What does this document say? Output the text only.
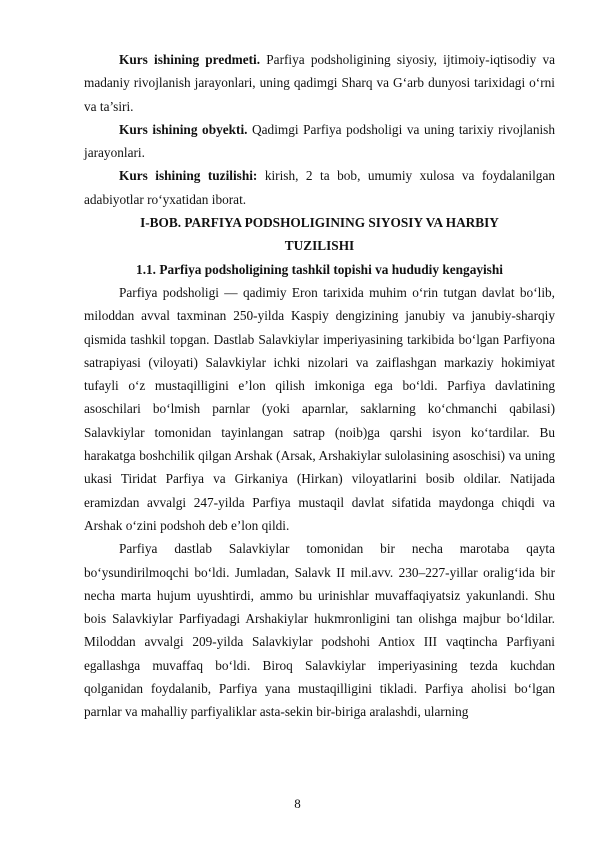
Kurs ishining predmeti. Parfiya podsholigining siyosiy, ijtimoiy-iqtisodiy va madaniy rivojlanish jarayonlari, uning qadimgi Sharq va G‘arb dunyosi tarixidagi o‘rni va ta’siri.

Kurs ishining obyekti. Qadimgi Parfiya podsholigi va uning tarixiy rivojlanish jarayonlari.

Kurs ishining tuzilishi: kirish, 2 ta bob, umumiy xulosa va foydalanilgan adabiyotlar ro‘yxatidan iborat.

I-BOB. PARFIYA PODSHOLIGINING SIYOSIY VA HARBIY

TUZILISHI

1.1. Parfiya podsholigining tashkil topishi va hududiy kengayishi

Parfiya podsholigi — qadimiy Eron tarixida muhim o‘rin tutgan davlat bo‘lib, miloddan avval taxminan 250-yilda Kaspiy dengizining janubiy va janubiy-sharqiy qismida tashkil topgan. Dastlab Salavkiylar imperiyasining tarkibida bo‘lgan Parfiyona satrapiyasi (viloyati) Salavkiylar ichki nizolari va zaiflashgan markaziy hokimiyat tufayli o‘z mustaqilligini e’lon qilish imkoniga ega bo‘ldi. Parfiya davlatining asoschilari bo‘lmish parnlar (yoki aparnlar, saklarning ko‘chmanchi qabilasi) Salavkiylar tomonidan tayinlangan satrap (noib)ga qarshi isyon ko‘tardilar. Bu harakatga boshchilik qilgan Arshak (Arsak, Arshakiylar sulolasining asoschisi) va uning ukasi Tiridat Parfiya va Girkaniya (Hirkan) viloyatlarini bosib oldilar. Natijada eramizdan avvalgi 247-yilda Parfiya mustaqil davlat sifatida maydonga chiqdi va Arshak o‘zini podshoh deb e’lon qildi.

Parfiya dastlab Salavkiylar tomonidan bir necha marotaba qayta bo‘ysundirilmoqchi bo‘ldi. Jumladan, Salavk II mil.avv. 230–227-yillar oralig‘ida bir necha marta hujum uyushtirdi, ammo bu urinishlar muvaffaqiyatsiz yakunlandi. Shu bois Salavkiylar Parfiyadagi Arshakiylar hukmronligini tan olishga majbur bo‘ldilar. Miloddan avvalgi 209-yilda Salavkiylar podshohi Antiox III vaqtincha Parfiyani egallashga muvaffaq bo‘ldi. Biroq Salavkiylar imperiyasining tezda kuchdan qolganidan foydalanib, Parfiya yana mustaqilligini tikladi. Parfiya aholisi bo‘lgan parnlar va mahalliy parfiyaliklar asta-sekin bir-biriga aralashdi, ularning

8
